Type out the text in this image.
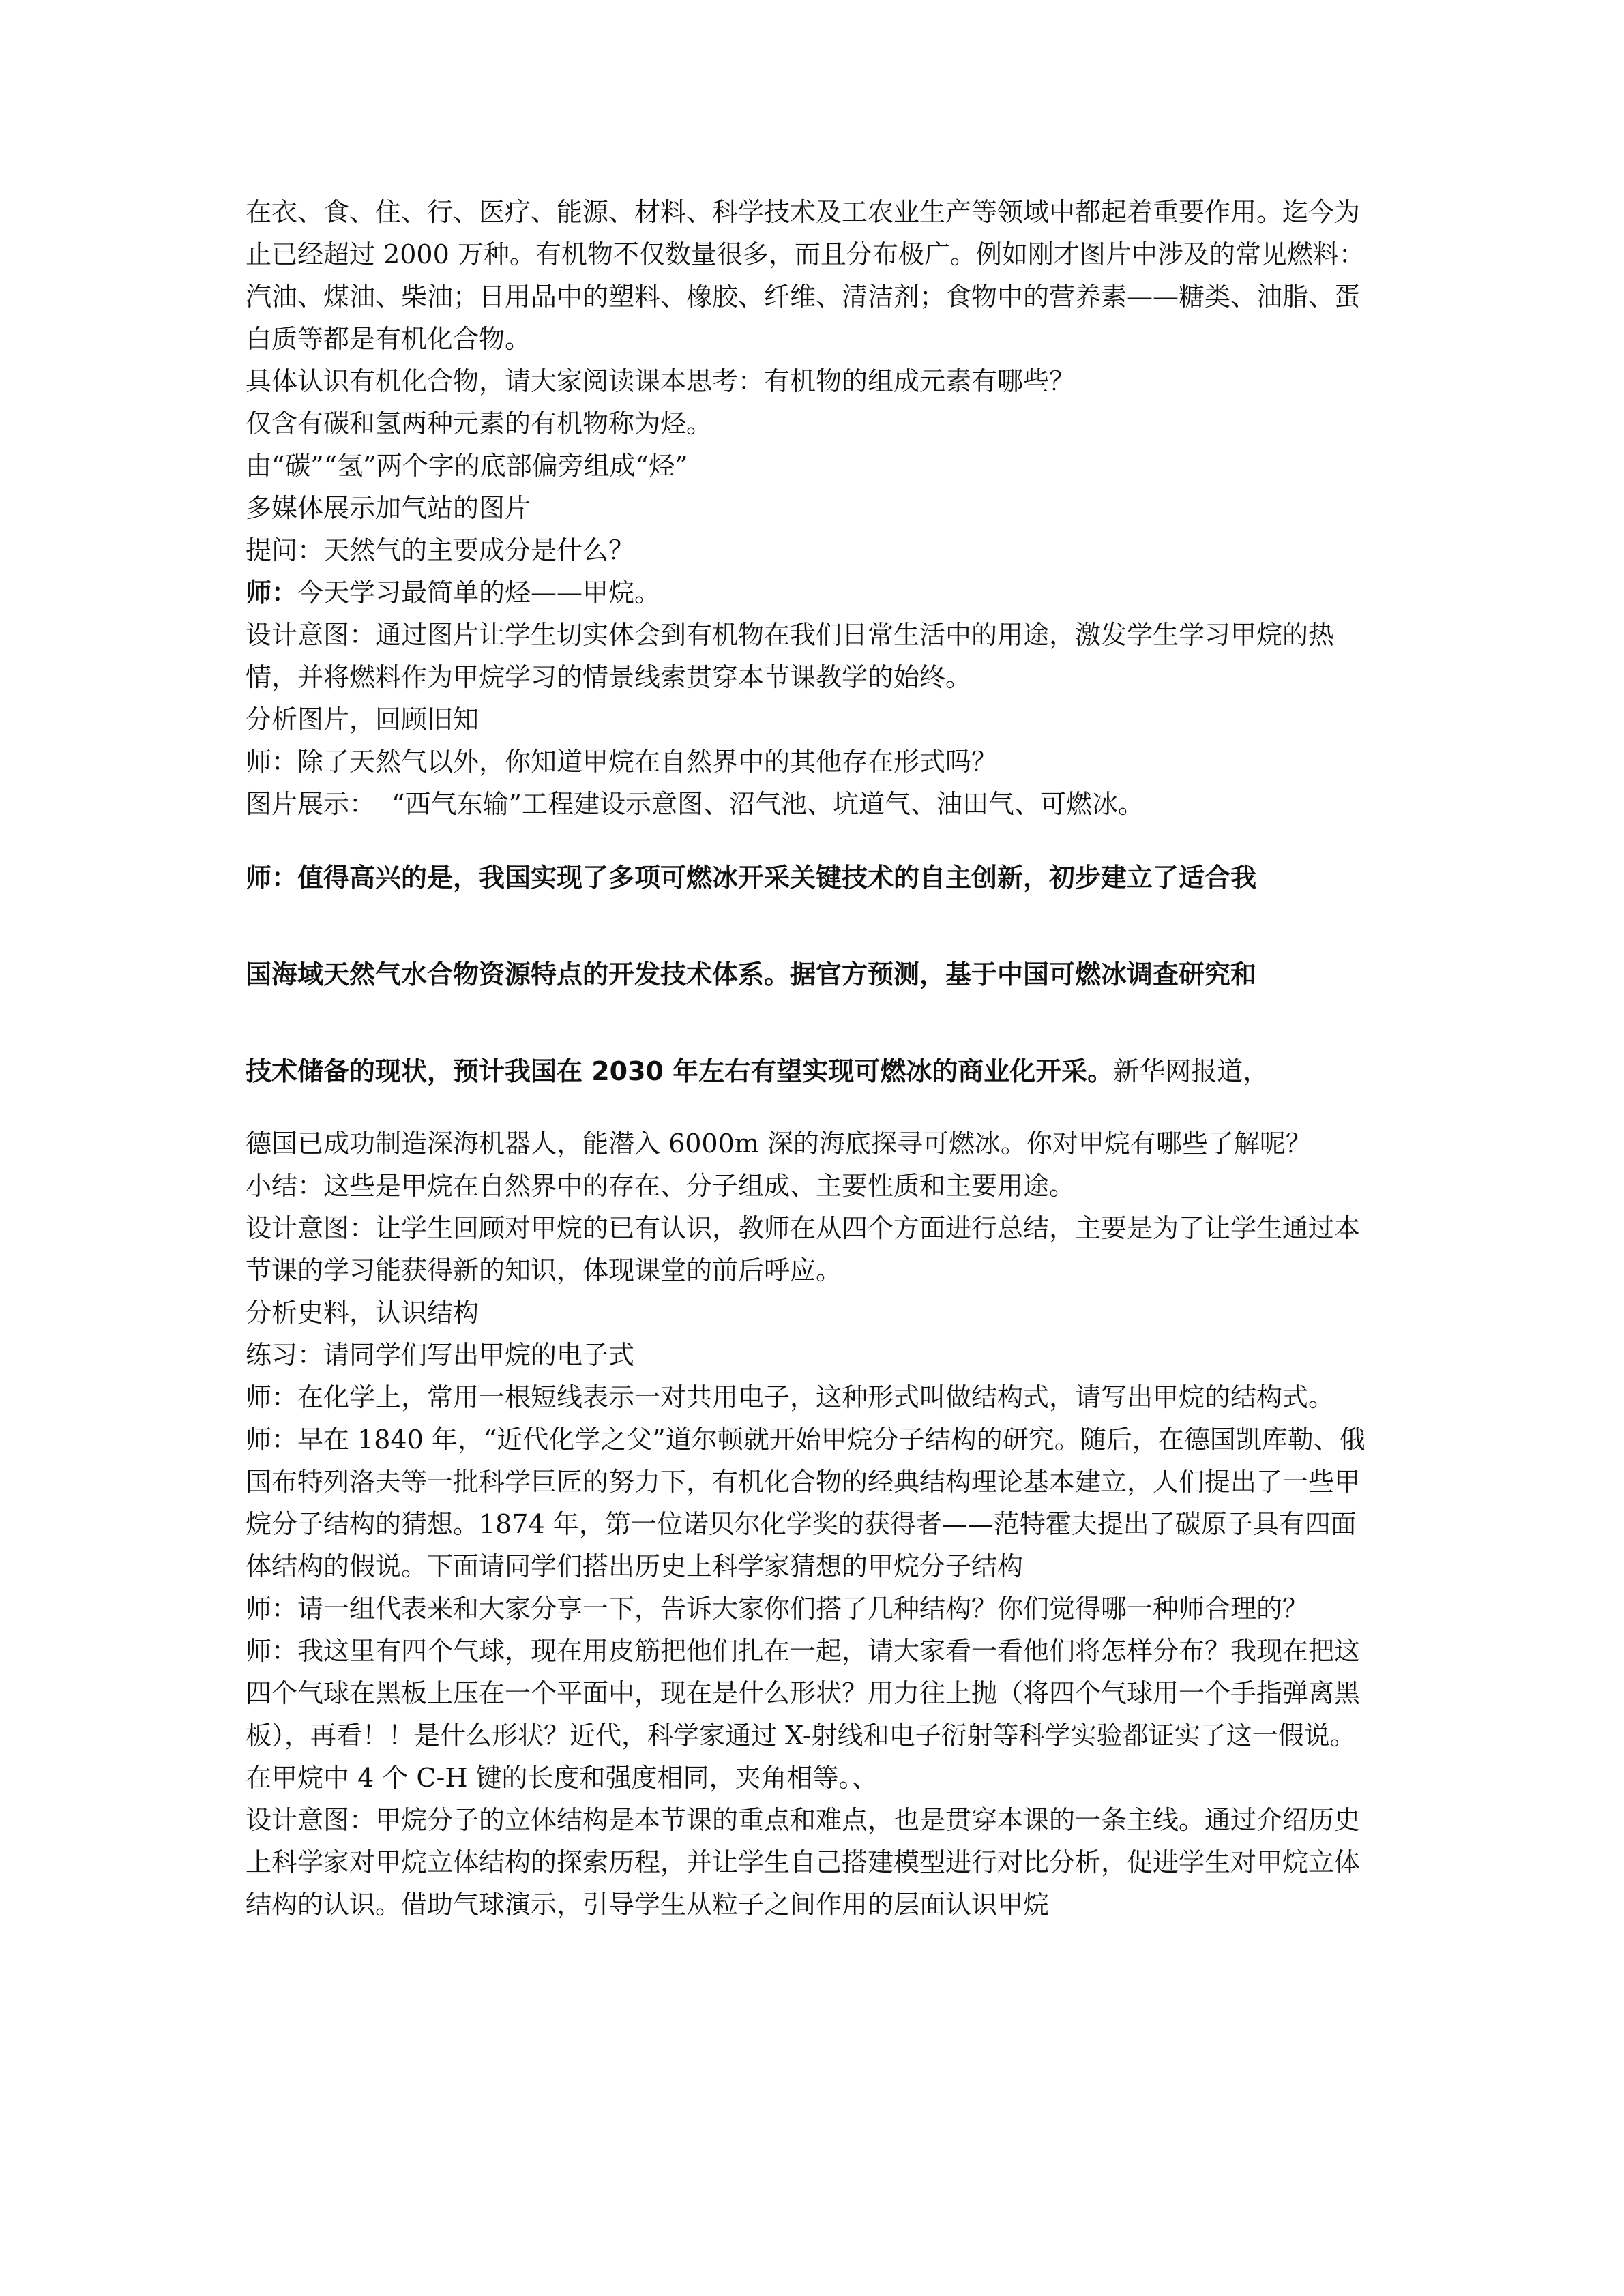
在衣、食、住、行、医疗、能源、材料、科学技术及工农业生产等领域中都起着重要作用。迄今为止已经超过 2000 万种。有机物不仅数量很多，而且分布极广。例如刚才图片中涉及的常见燃料：汽油、煤油、柴油；日用品中的塑料、橡胶、纤维、清洁剂；食物中的营养素——糖类、油脂、蛋白质等都是有机化合物。

具体认识有机化合物，请大家阅读课本思考：有机物的组成元素有哪些？

仅含有碳和氢两种元素的有机物称为烃。

由“碳”“氢”两个字的底部偏旁组成“烃”

多媒体展示加气站的图片

提问：天然气的主要成分是什么？

师：今天学习最简单的烃——甲烷。

设计意图：通过图片让学生切实体会到有机物在我们日常生活中的用途，激发学生学习甲烷的热情，并将燃料作为甲烷学习的情景线索贯穿本节课教学的始终。

分析图片，回顾旧知

师：除了天然气以外，你知道甲烷在自然界中的其他存在形式吗？

图片展示：  “西气东输”工程建设示意图、沼气池、坑道气、油田气、可燃冰。

师：值得高兴的是，我国实现了多项可燃冰开采关键技术的自主创新，初步建立了适合我
国海域天然气水合物资源特点的开发技术体系。据官方预测，基于中国可燃冰调查研究和
技术储备的现状，预计我国在 2030 年左右有望实现可燃冰的商业化开采。新华网报道，

德国已成功制造深海机器人，能潜入 6000m 深的海底探寻可燃冰。你对甲烷有哪些了解呢？

小结：这些是甲烷在自然界中的存在、分子组成、主要性质和主要用途。

设计意图：让学生回顾对甲烷的已有认识，教师在从四个方面进行总结，主要是为了让学生通过本节课的学习能获得新的知识，体现课堂的前后呼应。

分析史料，认识结构

练习：请同学们写出甲烷的电子式

师：在化学上，常用一根短线表示一对共用电子，这种形式叫做结构式，请写出甲烷的结构式。

师：早在 1840 年，“近代化学之父”道尔顿就开始甲烷分子结构的研究。随后，在德国凯库勒、俄国布特列洛夫等一批科学巨匠的努力下，有机化合物的经典结构理论基本建立，人们提出了一些甲烷分子结构的猜想。1874 年，第一位诺贝尔化学奖的获得者——范特霍夫提出了碳原子具有四面体结构的假说。下面请同学们搭出历史上科学家猜想的甲烷分子结构

师：请一组代表来和大家分享一下，告诉大家你们搭了几种结构？你们觉得哪一种师合理的？

师：我这里有四个气球，现在用皮筋把他们扎在一起，请大家看一看他们将怎样分布？我现在把这四个气球在黑板上压在一个平面中，现在是什么形状？用力往上抛（将四个气球用一个手指弹离黑板），再看！！是什么形状？近代，科学家通过 X-射线和电子衍射等科学实验都证实了这一假说。在甲烷中 4 个 C-H 键的长度和强度相同，夹角相等。、

设计意图：甲烷分子的立体结构是本节课的重点和难点，也是贯穿本课的一条主线。通过介绍历史上科学家对甲烷立体结构的探索历程，并让学生自己搭建模型进行对比分析，促进学生对甲烷立体结构的认识。借助气球演示，引导学生从粒子之间作用的层面认识甲烷
